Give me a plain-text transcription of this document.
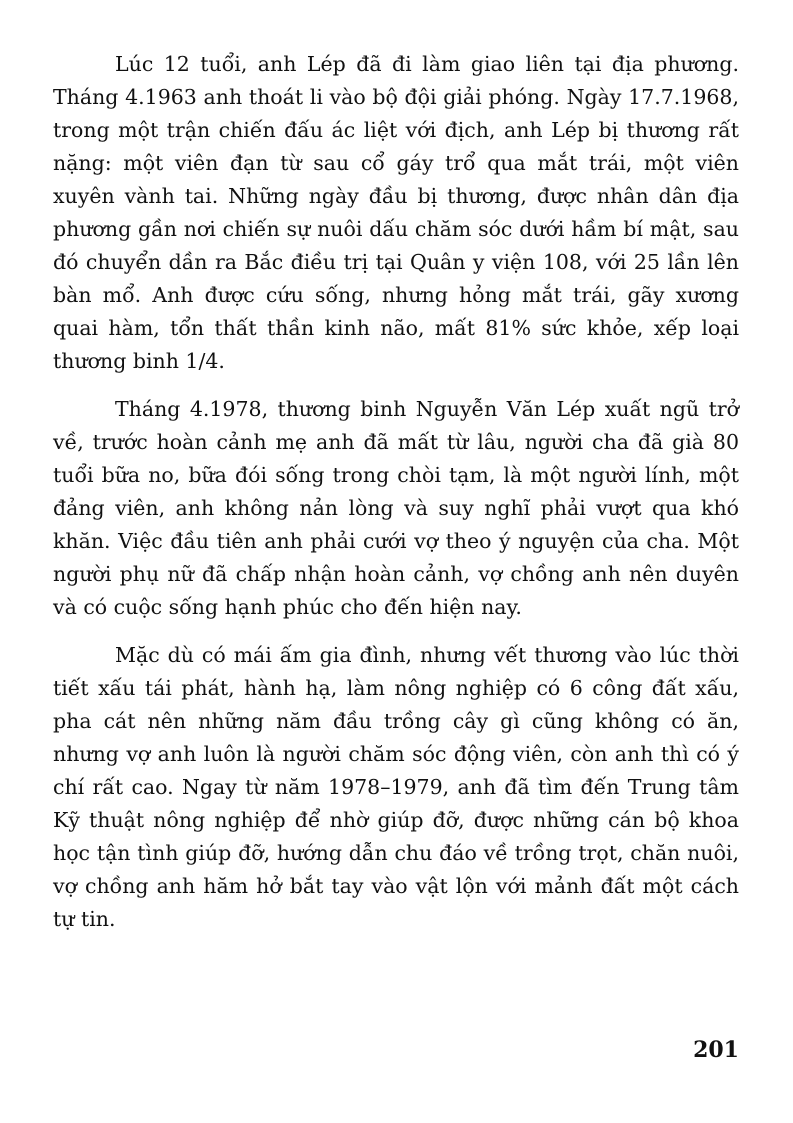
Lúc 12 tuổi, anh Lép đã đi làm giao liên tại địa phương. Tháng 4.1963 anh thoát li vào bộ đội giải phóng. Ngày 17.7.1968, trong một trận chiến đấu ác liệt với địch, anh Lép bị thương rất nặng: một viên đạn từ sau cổ gáy trổ qua mắt trái, một viên xuyên vành tai. Những ngày đầu bị thương, được nhân dân địa phương gần nơi chiến sự nuôi dấu chăm sóc dưới hầm bí mật, sau đó chuyển dần ra Bắc điều trị tại Quân y viện 108, với 25 lần lên bàn mổ. Anh được cứu sống, nhưng hỏng mắt trái, gãy xương quai hàm, tổn thất thần kinh não, mất 81% sức khỏe, xếp loại thương binh 1/4.

Tháng 4.1978, thương binh Nguyễn Văn Lép xuất ngũ trở về, trước hoàn cảnh mẹ anh đã mất từ lâu, người cha đã già 80 tuổi bữa no, bữa đói sống trong chòi tạm, là một người lính, một đảng viên, anh không nản lòng và suy nghĩ phải vượt qua khó khăn. Việc đầu tiên anh phải cưới vợ theo ý nguyện của cha. Một người phụ nữ đã chấp nhận hoàn cảnh, vợ chồng anh nên duyên và có cuộc sống hạnh phúc cho đến hiện nay.

Mặc dù có mái ấm gia đình, nhưng vết thương vào lúc thời tiết xấu tái phát, hành hạ, làm nông nghiệp có 6 công đất xấu, pha cát nên những năm đầu trồng cây gì cũng không có ăn, nhưng vợ anh luôn là người chăm sóc động viên, còn anh thì có ý chí rất cao. Ngay từ năm 1978–1979, anh đã tìm đến Trung tâm Kỹ thuật nông nghiệp để nhờ giúp đỡ, được những cán bộ khoa học tận tình giúp đỡ, hướng dẫn chu đáo về trồng trọt, chăn nuôi, vợ chồng anh hăm hở bắt tay vào vật lộn với mảnh đất một cách tự tin.

201
